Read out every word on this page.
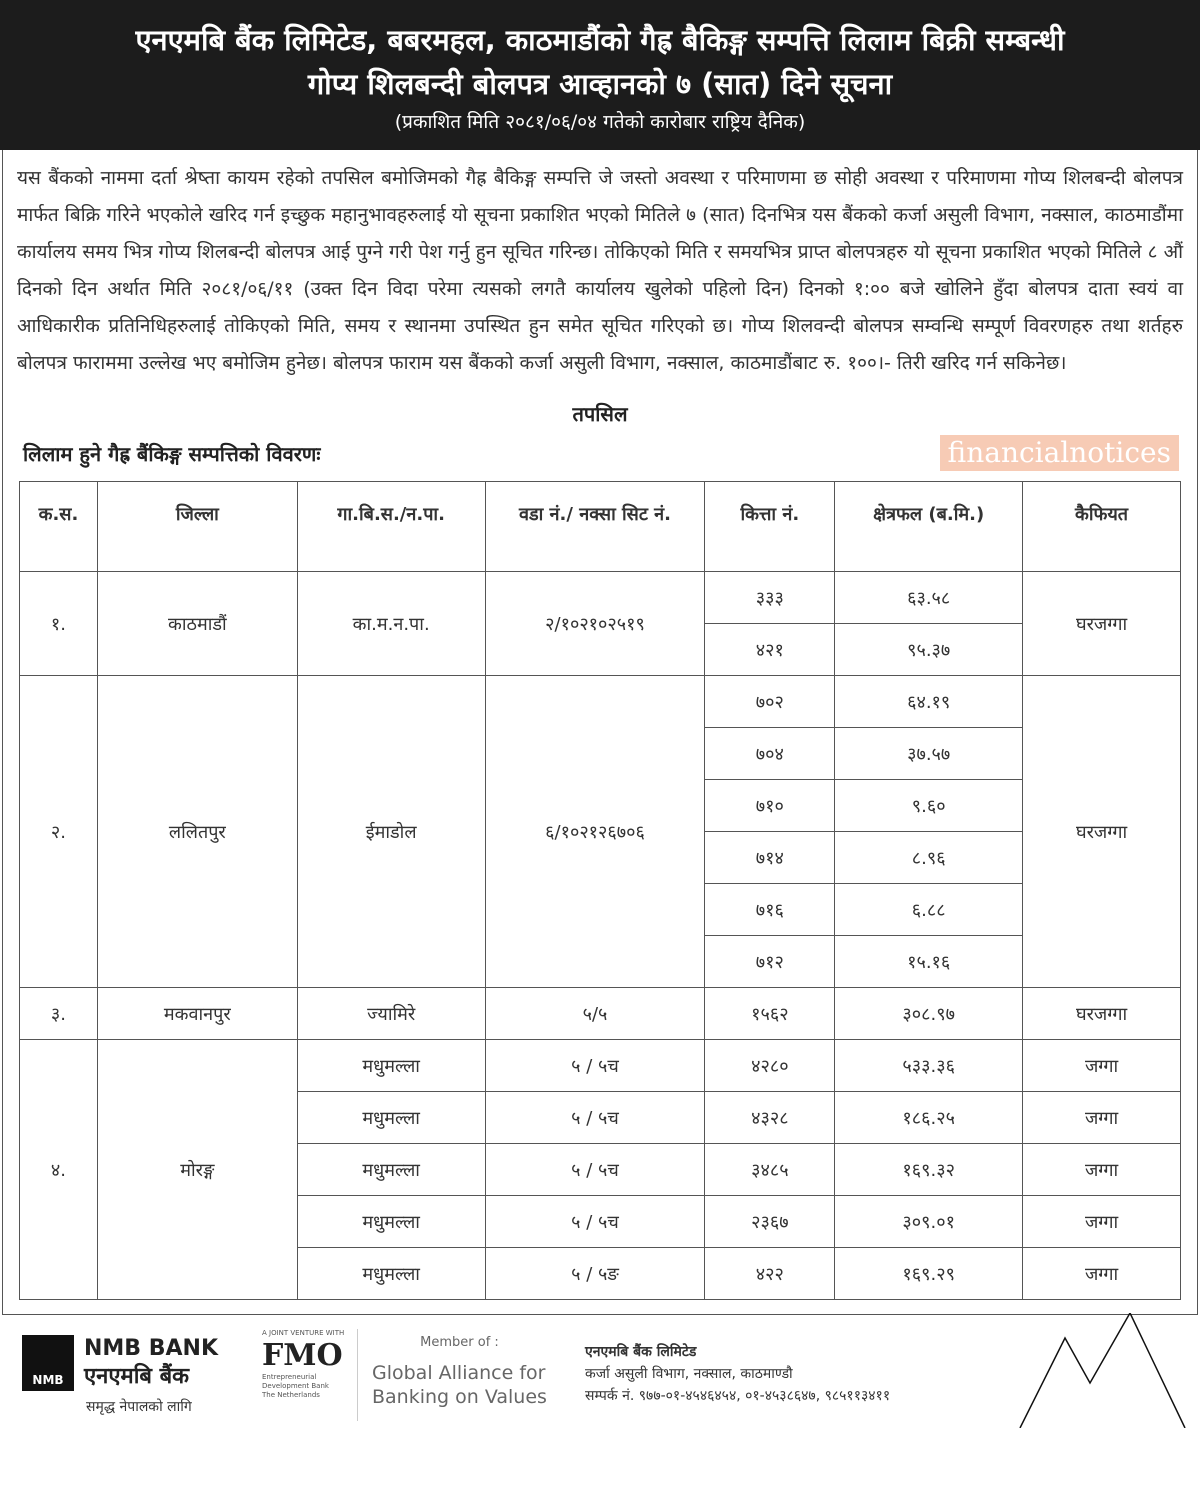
एनएमबि बैंक लिमिटेड, बबरमहल, काठमाडौंको गैह्र बैकिङ्ग सम्पत्ति लिलाम बिक्री सम्बन्धी
गोप्य शिलबन्दी बोलपत्र आव्हानको ७ (सात) दिने सूचना
(प्रकाशित मिति २०८१/०६/०४ गतेको कारोबार राष्ट्रिय दैनिक)

यस बैंकको नाममा दर्ता श्रेष्ता कायम रहेको तपसिल बमोजिमको गैह्र बैकिङ्ग सम्पत्ति जे जस्तो अवस्था र परिमाणमा छ सोही अवस्था र परिमाणमा गोप्य शिलबन्दी बोलपत्र मार्फत बिक्रि गरिने भएकोले खरिद गर्न इच्छुक महानुभावहरुलाई यो सूचना प्रकाशित भएको मितिले ७ (सात) दिनभित्र यस बैंकको कर्जा असुली विभाग, नक्साल, काठमाडौंमा कार्यालय समय भित्र गोप्य शिलबन्दी बोलपत्र आई पुग्ने गरी पेश गर्नु हुन सूचित गरिन्छ। तोकिएको मिति र समयभित्र प्राप्त बोलपत्रहरु यो सूचना प्रकाशित भएको मितिले ८ औं दिनको दिन अर्थात मिति २०८१/०६/११ (उक्त दिन विदा परेमा त्यसको लगतै कार्यालय खुलेको पहिलो दिन) दिनको १:०० बजे खोलिने हुँदा बोलपत्र दाता स्वयं वा आधिकारीक प्रतिनिधिहरुलाई तोकिएको मिति, समय र स्थानमा उपस्थित हुन समेत सूचित गरिएको छ। गोप्य शिलवन्दी बोलपत्र सम्वन्धि सम्पूर्ण विवरणहरु तथा शर्तहरु बोलपत्र फाराममा उल्लेख भए बमोजिम हुनेछ। बोलपत्र फाराम यस बैंकको कर्जा असुली विभाग, नक्साल, काठमाडौंबाट रु. १००।- तिरी खरिद गर्न सकिनेछ।

तपसिल
लिलाम हुने गैह्र बैंकिङ्ग सम्पत्तिको विवरणः	financialnotices
क.स.	जिल्ला	गा.बि.स./न.पा.	वडा नं./ नक्सा सिट नं.	कित्ता नं.	क्षेत्रफल (ब.मि.)	कैफियत
१.	काठमाडौं	का.म.न.पा.	२/१०२१०२५१९	३३३	६३.५८	घरजग्गा
				४२१	९५.३७	
२.	ललितपुर	ईमाडोल	६/१०२१२६७०६	७०२	६४.१९	घरजग्गा
				७०४	३७.५७	
				७१०	९.६०	
				७१४	८.९६	
				७१६	६.८८	
				७१२	१५.१६	
३.	मकवानपुर	ज्यामिरे	५/५	१५६२	३०८.९७	घरजग्गा
४.	मोरङ्ग	मधुमल्ला	५ / ५च	४२८०	५३३.३६	जग्गा
		मधुमल्ला	५ / ५च	४३२८	१८६.२५	जग्गा
		मधुमल्ला	५ / ५च	३४८५	१६९.३२	जग्गा
		मधुमल्ला	५ / ५च	२३६७	३०९.०१	जग्गा
		मधुमल्ला	५ / ५ङ	४२२	१६९.२९	जग्गा
NMB
NMB BANK
एनएमबि बैंक
समृद्ध नेपालको लागि
A JOINT VENTURE WITH
FMO
Entrepreneurial Development Bank
The Netherlands
Member of :
Global Alliance for
Banking on Values
एनएमबि बैंक लिमिटेड
कर्जा असुली विभाग, नक्साल, काठमाण्डौ
सम्पर्क नं. ९७७-०१-४५४६४५४, ०१-४५३८६४७, ९८५११३४११
